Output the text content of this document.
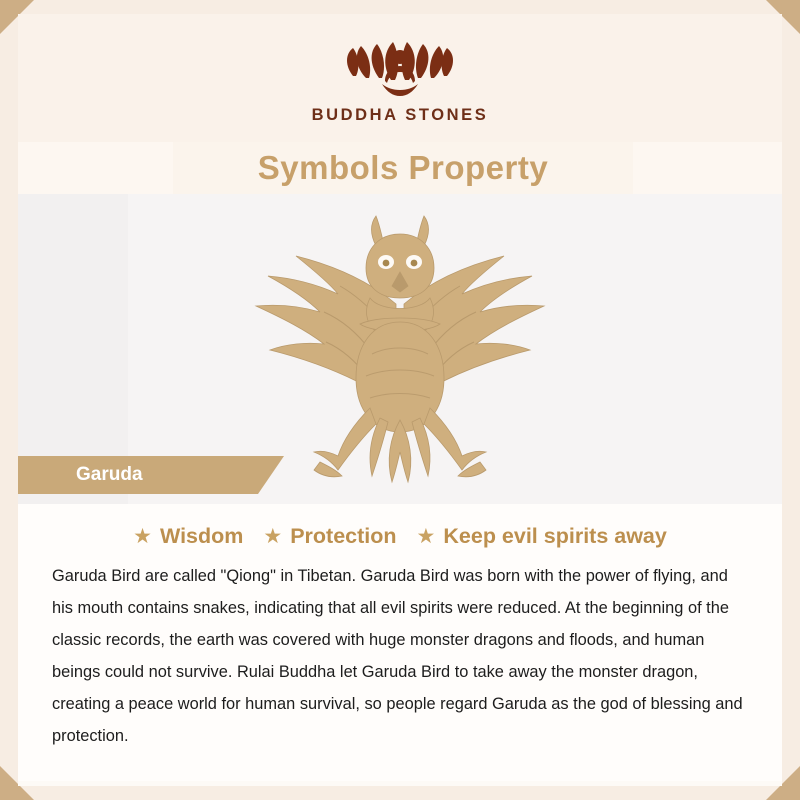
BUDDHA STONES
Symbols Property
Garuda
★ Wisdom ★ Protection ★ Keep evil spirits away
Garuda Bird are called "Qiong" in Tibetan. Garuda Bird was born with the power of flying, and his mouth contains snakes, indicating that all evil spirits were reduced. At the beginning of the classic records, the earth was covered with huge monster dragons and floods, and human beings could not survive. Rulai Buddha let Garuda Bird to take away the monster dragon, creating a peace world for human survival, so people regard Garuda as the god of blessing and protection.
